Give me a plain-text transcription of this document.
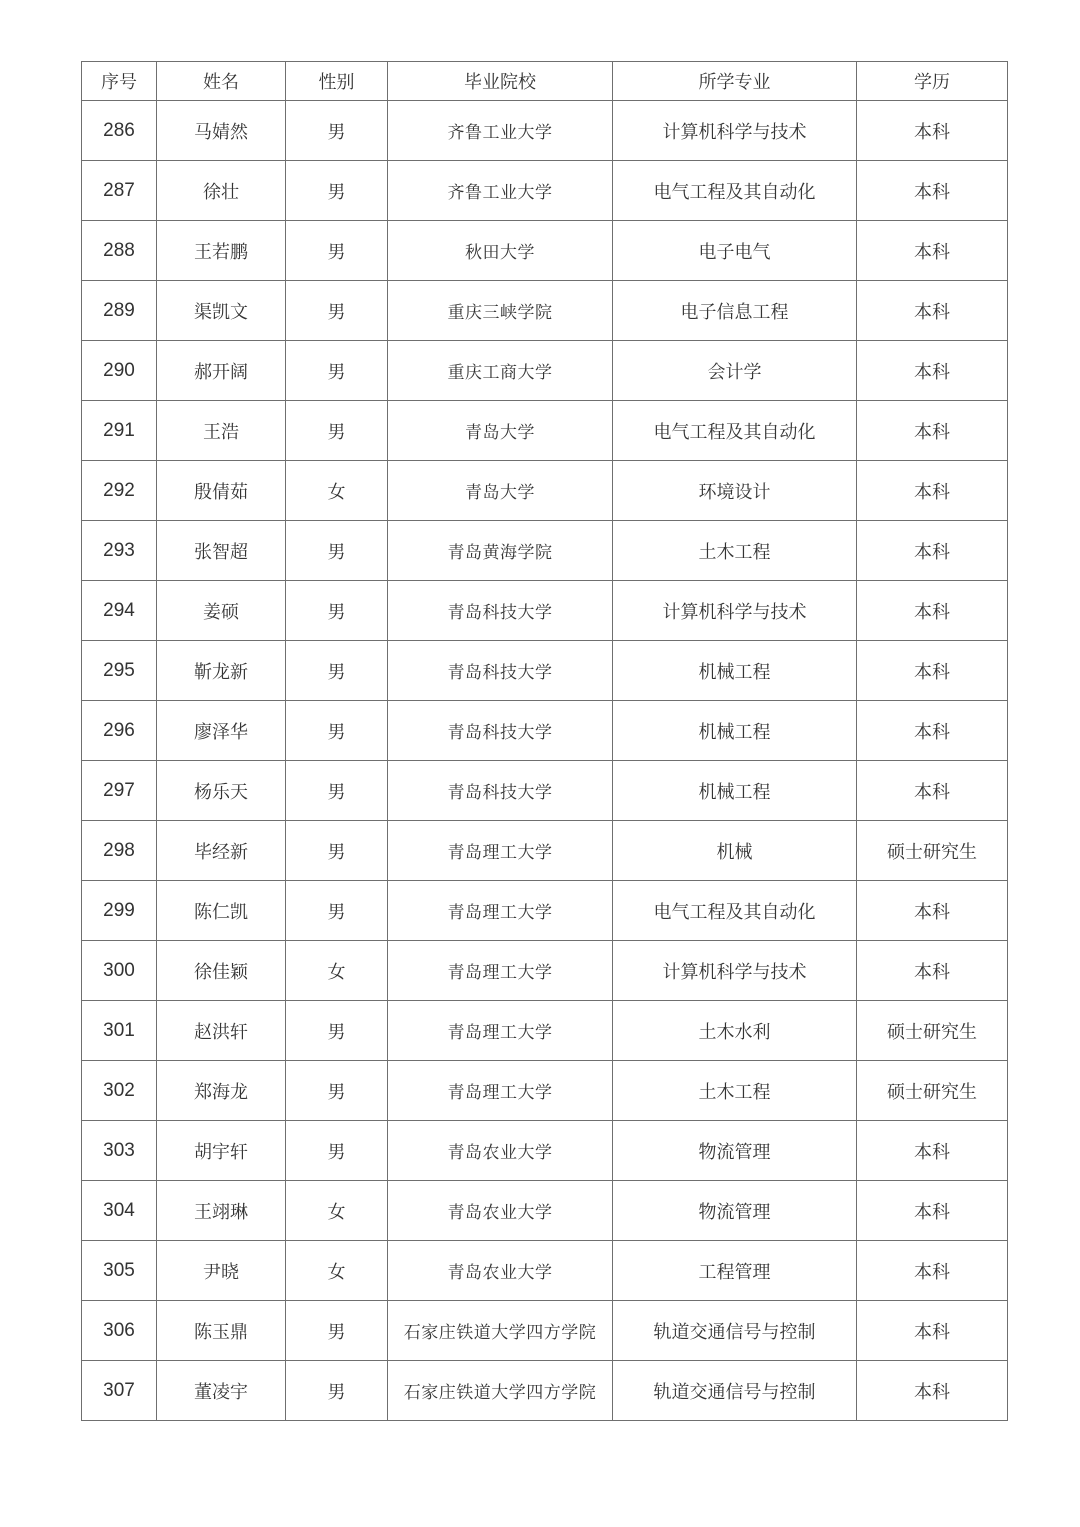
序号	姓名	性别	毕业院校	所学专业	学历
286	马婧然	男	齐鲁工业大学	计算机科学与技术	本科
287	徐壮	男	齐鲁工业大学	电气工程及其自动化	本科
288	王若鹏	男	秋田大学	电子电气	本科
289	渠凯文	男	重庆三峡学院	电子信息工程	本科
290	郝开阔	男	重庆工商大学	会计学	本科
291	王浩	男	青岛大学	电气工程及其自动化	本科
292	殷倩茹	女	青岛大学	环境设计	本科
293	张智超	男	青岛黄海学院	土木工程	本科
294	姜硕	男	青岛科技大学	计算机科学与技术	本科
295	靳龙新	男	青岛科技大学	机械工程	本科
296	廖泽华	男	青岛科技大学	机械工程	本科
297	杨乐天	男	青岛科技大学	机械工程	本科
298	毕经新	男	青岛理工大学	机械	硕士研究生
299	陈仁凯	男	青岛理工大学	电气工程及其自动化	本科
300	徐佳颖	女	青岛理工大学	计算机科学与技术	本科
301	赵洪轩	男	青岛理工大学	土木水利	硕士研究生
302	郑海龙	男	青岛理工大学	土木工程	硕士研究生
303	胡宇轩	男	青岛农业大学	物流管理	本科
304	王翊琳	女	青岛农业大学	物流管理	本科
305	尹晓	女	青岛农业大学	工程管理	本科
306	陈玉鼎	男	石家庄铁道大学四方学院	轨道交通信号与控制	本科
307	董凌宇	男	石家庄铁道大学四方学院	轨道交通信号与控制	本科
